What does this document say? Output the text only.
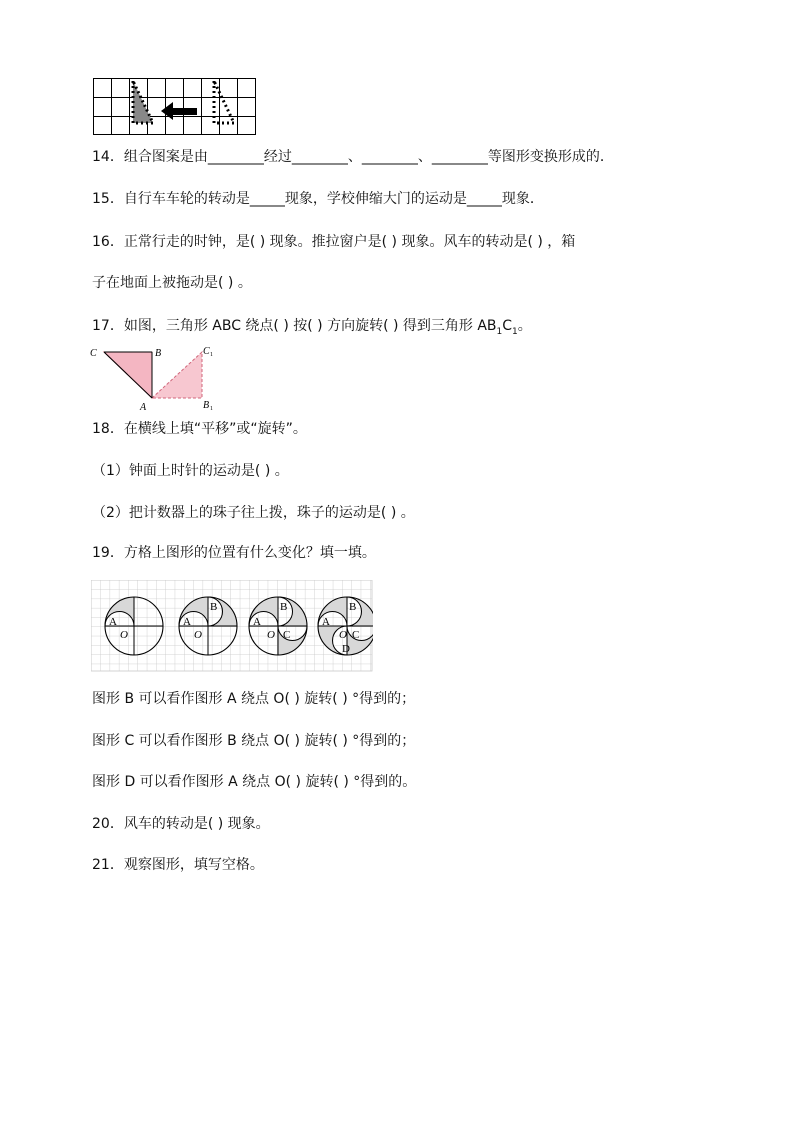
14．组合图案是由________经过________、________、________等图形变换形成的．
15．自行车车轮的转动是_____现象，学校伸缩大门的运动是_____现象．
16．正常行走的时钟，是( ) 现象。推拉窗户是( ) 现象。风车的转动是( ) ，箱
子在地面上被拖动是( ) 。
17．如图，三角形 ABC 绕点( ) 按( ) 方向旋转( ) 得到三角形 $AB_1C_1$。
C	B
A
C 1
B 1
18．在横线上填“平移”或“旋转”。
（1）钟面上时针的运动是( ) 。
（2）把计数器上的珠子往上拨，珠子的运动是( ) 。
19．方格上图形的位置有什么变化？填一填。
A
O
A
B
O
A
B
C
O
A
B
C
D
O
图形 B 可以看作图形 A 绕点 O( ) 旋转( ) °得到的；
图形 C 可以看作图形 B 绕点 O( ) 旋转( ) °得到的；
图形 D 可以看作图形 A 绕点 O( ) 旋转( ) °得到的。
20．风车的转动是( ) 现象。
21．观察图形，填写空格。
